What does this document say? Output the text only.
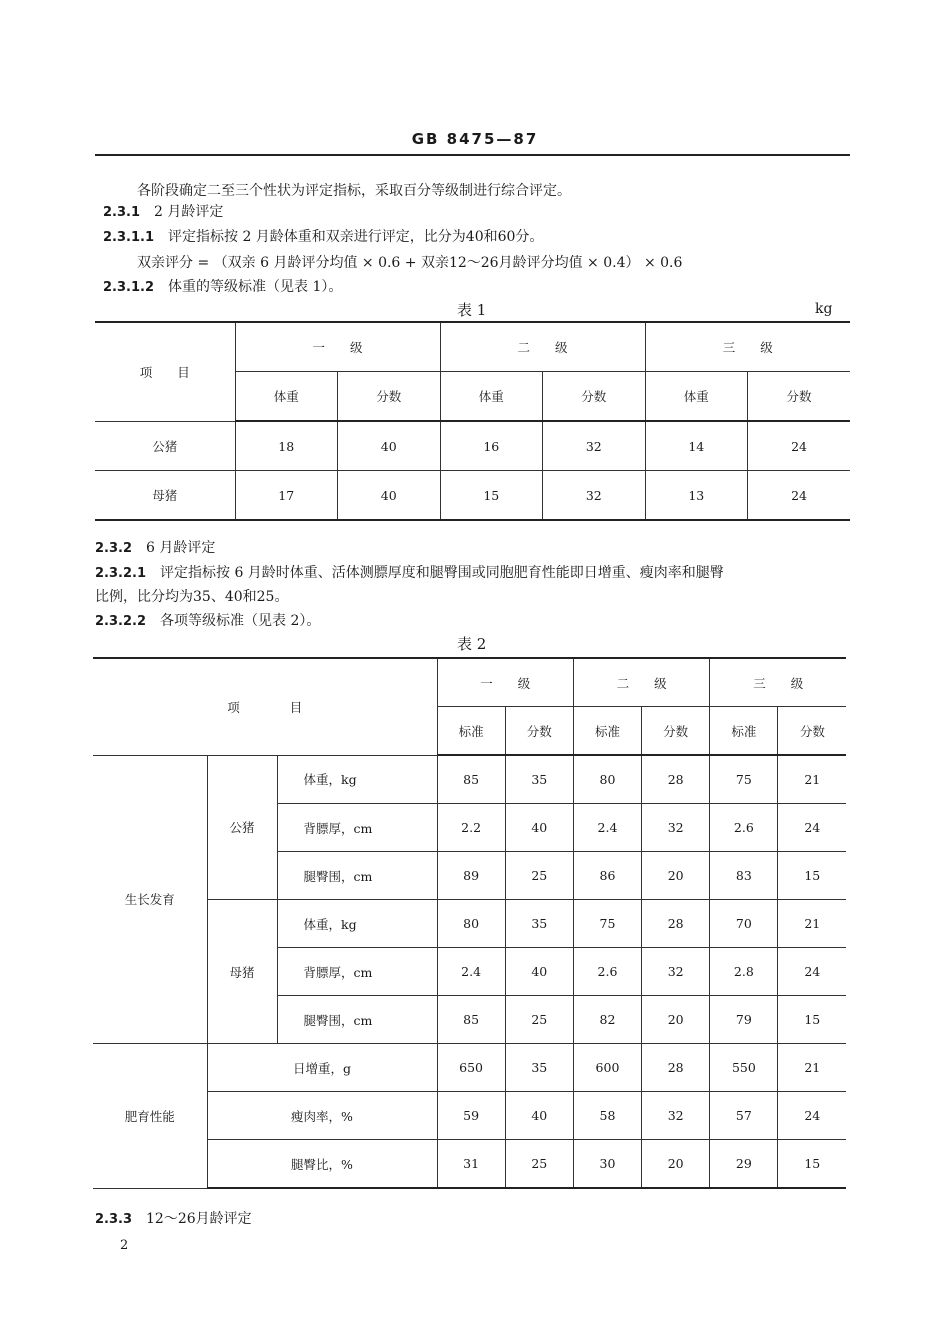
GB 8475—87
各阶段确定二至三个性状为评定指标，采取百分等级制进行综合评定。
2.3.1 2 月龄评定
2.3.1.1 评定指标按 2 月龄体重和双亲进行评定，比分为40和60分。
双亲评分 = （双亲 6 月龄评分均值 × 0.6 + 双亲12～26月龄评分均值 × 0.4） × 0.6
2.3.1.2 体重的等级标准（见表 1）。
表 1	kg
项　　目	一　　级		二　　级		三　　级	
	体重	分数	体重	分数	体重	分数
公猪	18	40	16	32	14	24
母猪	17	40	15	32	13	24
2.3.2 6 月龄评定
2.3.2.1 评定指标按 6 月龄时体重、活体测膘厚度和腿臀围或同胞肥育性能即日增重、瘦肉率和腿臀
比例，比分均为35、40和25。
2.3.2.2 各项等级标准（见表 2）。
表 2
项　　　　目			一　　级		二　　级		三　　级	
			标准	分数	标准	分数	标准	分数
生长发育	公猪	体重，kg	85	35	80	28	75	21
		背膘厚，cm	2.2	40	2.4	32	2.6	24
		腿臀围，cm	89	25	86	20	83	15
	母猪	体重，kg	80	35	75	28	70	21
		背膘厚，cm	2.4	40	2.6	32	2.8	24
		腿臀围，cm	85	25	82	20	79	15
肥育性能	日增重，g		650	35	600	28	550	21
	瘦肉率，%		59	40	58	32	57	24
	腿臀比，%		31	25	30	20	29	15
2.3.3 12～26月龄评定
2
